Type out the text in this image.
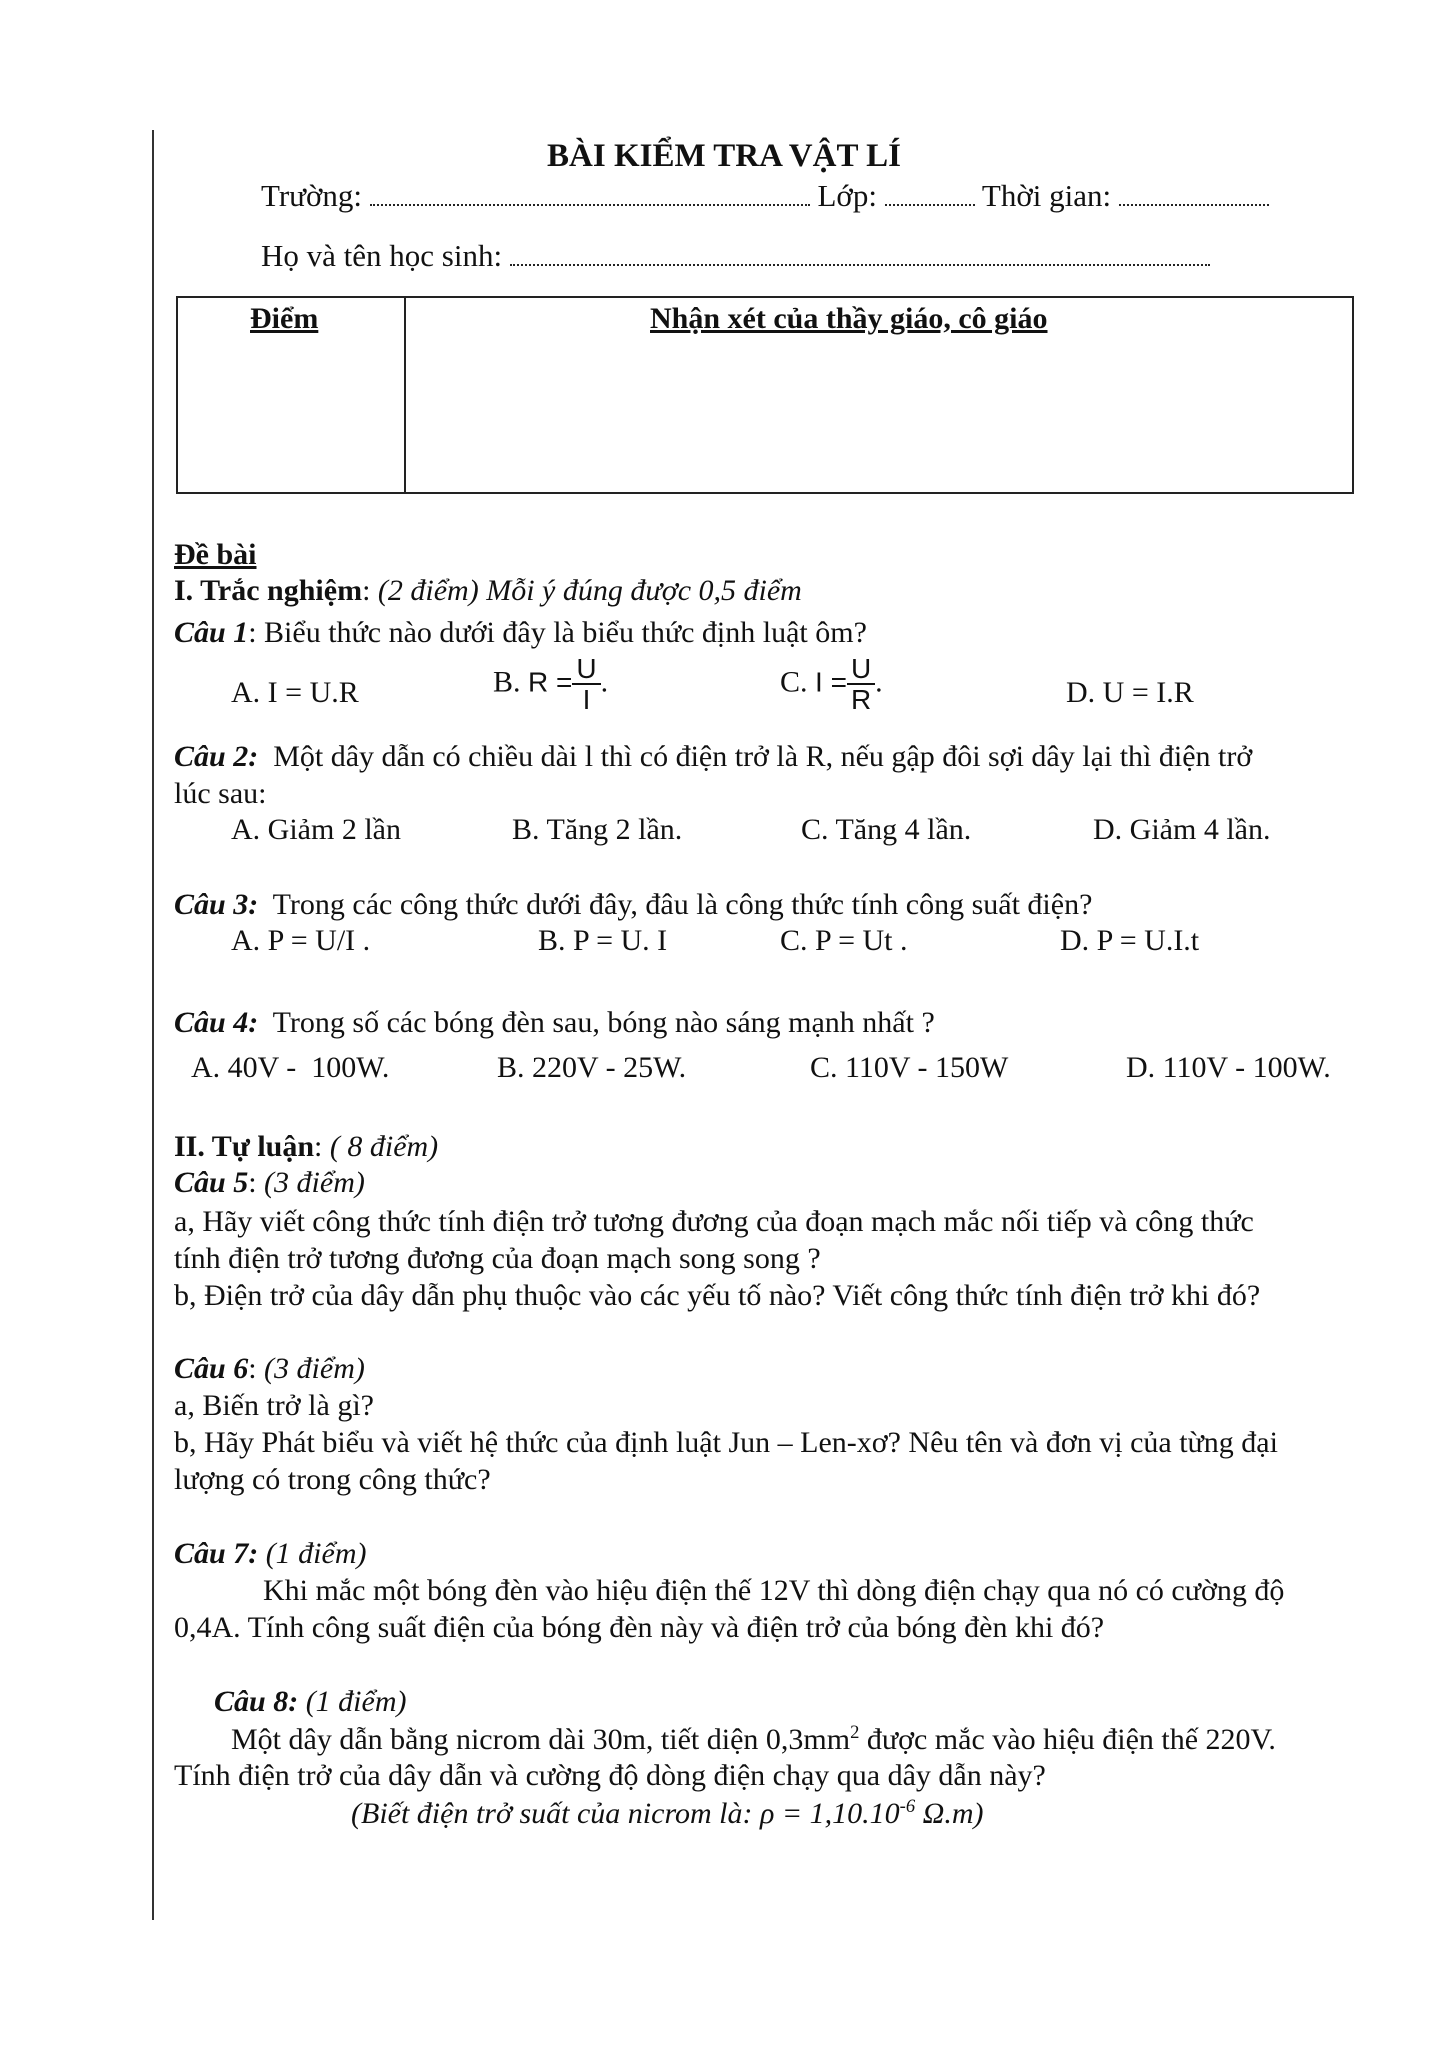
BÀI KIỂM TRA VẬT LÍ
Trường:	Lớp:	Thời gian:
Họ và tên học sinh:
Điểm	Nhận xét của thầy giáo, cô giáo
Đề bài
I. Trắc nghiệm: (2 điểm) Mỗi ý đúng được 0,5 điểm
Câu 1: Biểu thức nào dưới đây là biểu thức định luật ôm?
A. I = U.R	B. $R = \frac{U}{I}$ .	C. $I = \frac{U}{R}$ .	D. U = I.R
Câu 2: Một dây dẫn có chiều dài l thì có điện trở là R, nếu gập đôi sợi dây lại thì điện trở
lúc sau:
A. Giảm 2 lần	B. Tăng 2 lần.	C. Tăng 4 lần.	D. Giảm 4 lần.
Câu 3: Trong các công thức dưới đây, đâu là công thức tính công suất điện?
A. P = U/I .	B. P = U. I	C. P = Ut .	D. P = U.I.t
Câu 4: Trong số các bóng đèn sau, bóng nào sáng mạnh nhất ?
A. 40V -  100W.	B. 220V - 25W.	C. 110V - 150W	D. 110V - 100W.
II. Tự luận: ( 8 điểm)
Câu 5: (3 điểm)
a, Hãy viết công thức tính điện trở tương đương của đoạn mạch mắc nối tiếp và công thức
tính điện trở tương đương của đoạn mạch song song ?
b, Điện trở của dây dẫn phụ thuộc vào các yếu tố nào? Viết công thức tính điện trở khi đó?
Câu 6: (3 điểm)
a, Biến trở là gì?
b, Hãy Phát biểu và viết hệ thức của định luật Jun – Len-xơ? Nêu tên và đơn vị của từng đại
lượng có trong công thức?
Câu 7: (1 điểm)
Khi mắc một bóng đèn vào hiệu điện thế 12V thì dòng điện chạy qua nó có cường độ
0,4A. Tính công suất điện của bóng đèn này và điện trở của bóng đèn khi đó?
Câu 8: (1 điểm)
Một dây dẫn bằng nicrom dài 30m, tiết diện $0,3mm^2$ được mắc vào hiệu điện thế 220V.
Tính điện trở của dây dẫn và cường độ dòng điện chạy qua dây dẫn này?
(Biết điện trở suất của nicrom là: $\rho = 1,10.10^{-6}$ Ω.m)
